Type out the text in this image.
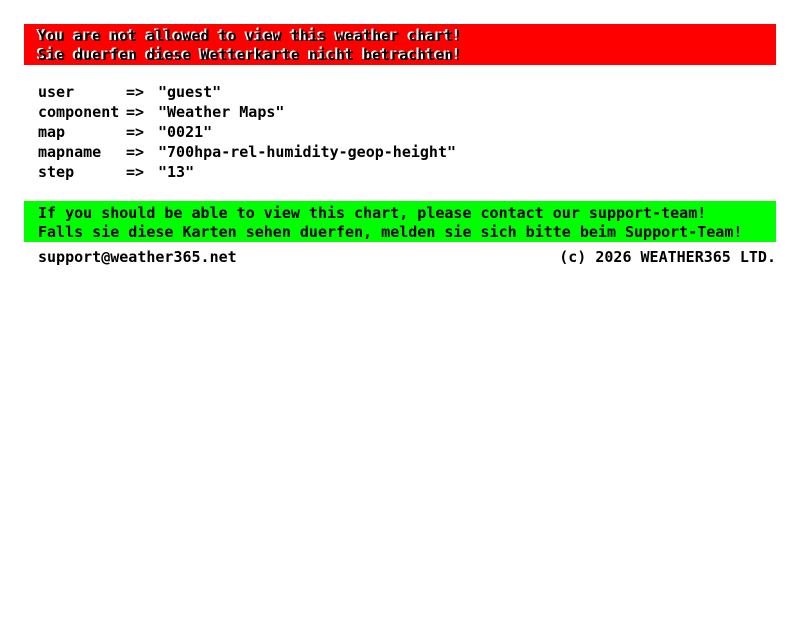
You are not allowed to view this weather chart!
Sie duerfen diese Wetterkarte nicht betrachten!
user	=> "guest"
component => "Weather Maps"
map	=> "0021"
mapname	=> "700hpa-rel-humidity-geop-height"
step	=> "13"
If you should be able to view this chart, please contact our support-team!
Falls sie diese Karten sehen duerfen, melden sie sich bitte beim Support-Team!
support@weather365.net	(c) 2026 WEATHER365 LTD.
